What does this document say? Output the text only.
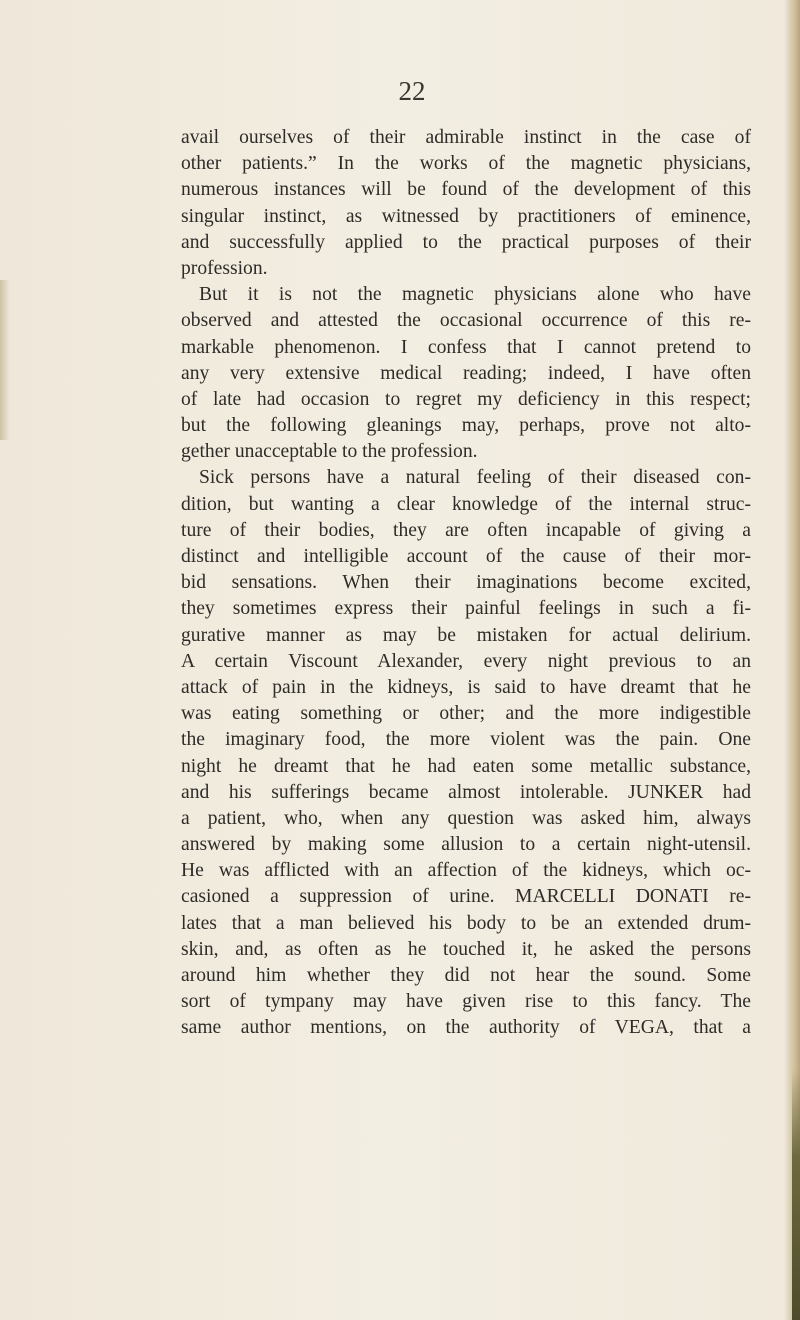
22
avail ourselves of their admirable instinct in the case of
other patients.” In the works of the magnetic physicians,
numerous instances will be found of the development of this
singular instinct, as witnessed by practitioners of eminence,
and successfully applied to the practical purposes of their
profession.
But it is not the magnetic physicians alone who have
observed and attested the occasional occurrence of this re-
markable phenomenon. I confess that I cannot pretend to
any very extensive medical reading; indeed, I have often
of late had occasion to regret my deficiency in this respect;
but the following gleanings may, perhaps, prove not alto-
gether unacceptable to the profession.
Sick persons have a natural feeling of their diseased con-
dition, but wanting a clear knowledge of the internal struc-
ture of their bodies, they are often incapable of giving a
distinct and intelligible account of the cause of their mor-
bid sensations. When their imaginations become excited,
they sometimes express their painful feelings in such a fi-
gurative manner as may be mistaken for actual delirium.
A certain Viscount Alexander, every night previous to an
attack of pain in the kidneys, is said to have dreamt that he
was eating something or other; and the more indigestible
the imaginary food, the more violent was the pain. One
night he dreamt that he had eaten some metallic substance,
and his sufferings became almost intolerable. JUNKER had
a patient, who, when any question was asked him, always
answered by making some allusion to a certain night-utensil.
He was afflicted with an affection of the kidneys, which oc-
casioned a suppression of urine. MARCELLI DONATI re-
lates that a man believed his body to be an extended drum-
skin, and, as often as he touched it, he asked the persons
around him whether they did not hear the sound. Some
sort of tympany may have given rise to this fancy. The
same author mentions, on the authority of VEGA, that a
